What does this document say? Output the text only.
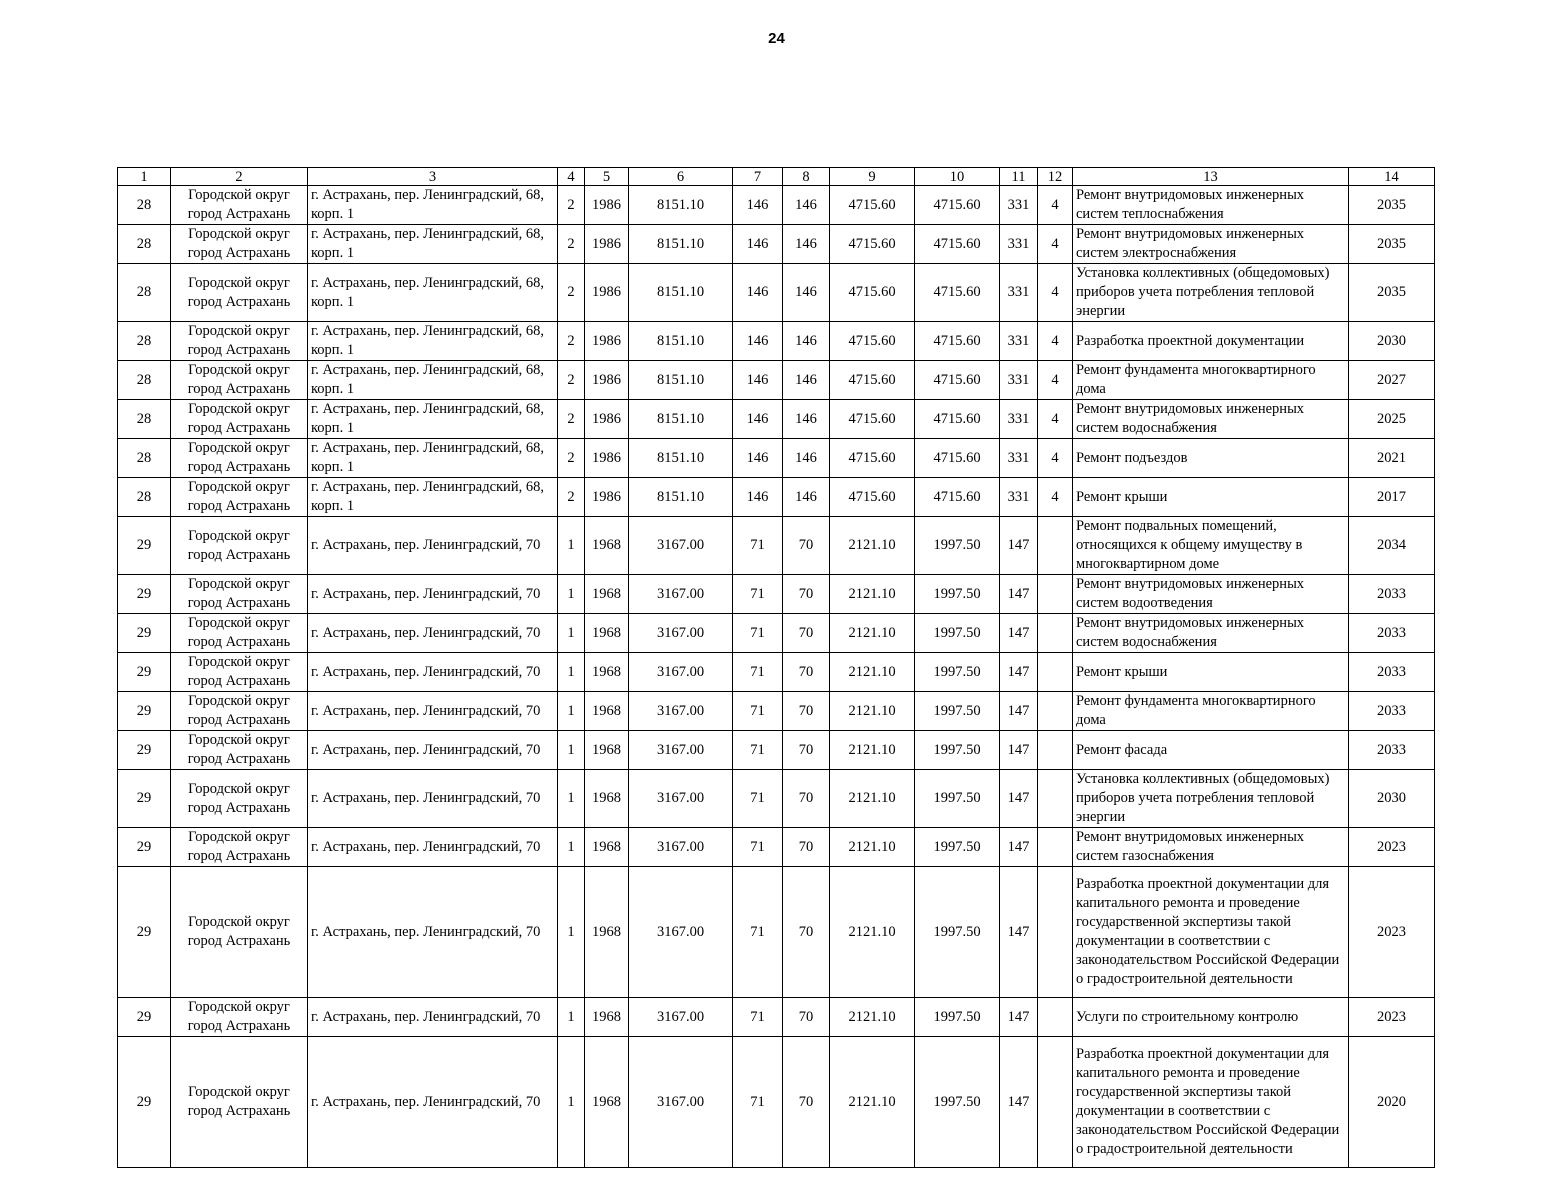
24
1	2	3	4	5	6	7	8	9	10	11	12	13	14
28	Городской округ город Астрахань	г. Астрахань, пер. Ленинградский, 68, корп. 1	2	1986	8151.10	146	146	4715.60	4715.60	331	4	Ремонт внутридомовых инженерных систем теплоснабжения	2035
28	Городской округ город Астрахань	г. Астрахань, пер. Ленинградский, 68, корп. 1	2	1986	8151.10	146	146	4715.60	4715.60	331	4	Ремонт внутридомовых инженерных систем электроснабжения	2035
28	Городской округ город Астрахань	г. Астрахань, пер. Ленинградский, 68, корп. 1	2	1986	8151.10	146	146	4715.60	4715.60	331	4	Установка коллективных (общедомовых) приборов учета потребления тепловой энергии	2035
28	Городской округ город Астрахань	г. Астрахань, пер. Ленинградский, 68, корп. 1	2	1986	8151.10	146	146	4715.60	4715.60	331	4	Разработка проектной документации	2030
28	Городской округ город Астрахань	г. Астрахань, пер. Ленинградский, 68, корп. 1	2	1986	8151.10	146	146	4715.60	4715.60	331	4	Ремонт фундамента многоквартирного дома	2027
28	Городской округ город Астрахань	г. Астрахань, пер. Ленинградский, 68, корп. 1	2	1986	8151.10	146	146	4715.60	4715.60	331	4	Ремонт внутридомовых инженерных систем водоснабжения	2025
28	Городской округ город Астрахань	г. Астрахань, пер. Ленинградский, 68, корп. 1	2	1986	8151.10	146	146	4715.60	4715.60	331	4	Ремонт подъездов	2021
28	Городской округ город Астрахань	г. Астрахань, пер. Ленинградский, 68, корп. 1	2	1986	8151.10	146	146	4715.60	4715.60	331	4	Ремонт крыши	2017
29	Городской округ город Астрахань	г. Астрахань, пер. Ленинградский, 70	1	1968	3167.00	71	70	2121.10	1997.50	147		Ремонт подвальных помещений, относящихся к общему имуществу в многоквартирном доме	2034
29	Городской округ город Астрахань	г. Астрахань, пер. Ленинградский, 70	1	1968	3167.00	71	70	2121.10	1997.50	147		Ремонт внутридомовых инженерных систем водоотведения	2033
29	Городской округ город Астрахань	г. Астрахань, пер. Ленинградский, 70	1	1968	3167.00	71	70	2121.10	1997.50	147		Ремонт внутридомовых инженерных систем водоснабжения	2033
29	Городской округ город Астрахань	г. Астрахань, пер. Ленинградский, 70	1	1968	3167.00	71	70	2121.10	1997.50	147		Ремонт крыши	2033
29	Городской округ город Астрахань	г. Астрахань, пер. Ленинградский, 70	1	1968	3167.00	71	70	2121.10	1997.50	147		Ремонт фундамента многоквартирного дома	2033
29	Городской округ город Астрахань	г. Астрахань, пер. Ленинградский, 70	1	1968	3167.00	71	70	2121.10	1997.50	147		Ремонт фасада	2033
29	Городской округ город Астрахань	г. Астрахань, пер. Ленинградский, 70	1	1968	3167.00	71	70	2121.10	1997.50	147		Установка коллективных (общедомовых) приборов учета потребления тепловой энергии	2030
29	Городской округ город Астрахань	г. Астрахань, пер. Ленинградский, 70	1	1968	3167.00	71	70	2121.10	1997.50	147		Ремонт внутридомовых инженерных систем газоснабжения	2023
29	Городской округ город Астрахань	г. Астрахань, пер. Ленинградский, 70	1	1968	3167.00	71	70	2121.10	1997.50	147		Разработка проектной документации для капитального ремонта и проведение государственной экспертизы такой документации в соответствии с законодательством Российской Федерации о градостроительной деятельности	2023
29	Городской округ город Астрахань	г. Астрахань, пер. Ленинградский, 70	1	1968	3167.00	71	70	2121.10	1997.50	147		Услуги по строительному контролю	2023
29	Городской округ город Астрахань	г. Астрахань, пер. Ленинградский, 70	1	1968	3167.00	71	70	2121.10	1997.50	147		Разработка проектной документации для капитального ремонта и проведение государственной экспертизы такой документации в соответствии с законодательством Российской Федерации о градостроительной деятельности	2020
